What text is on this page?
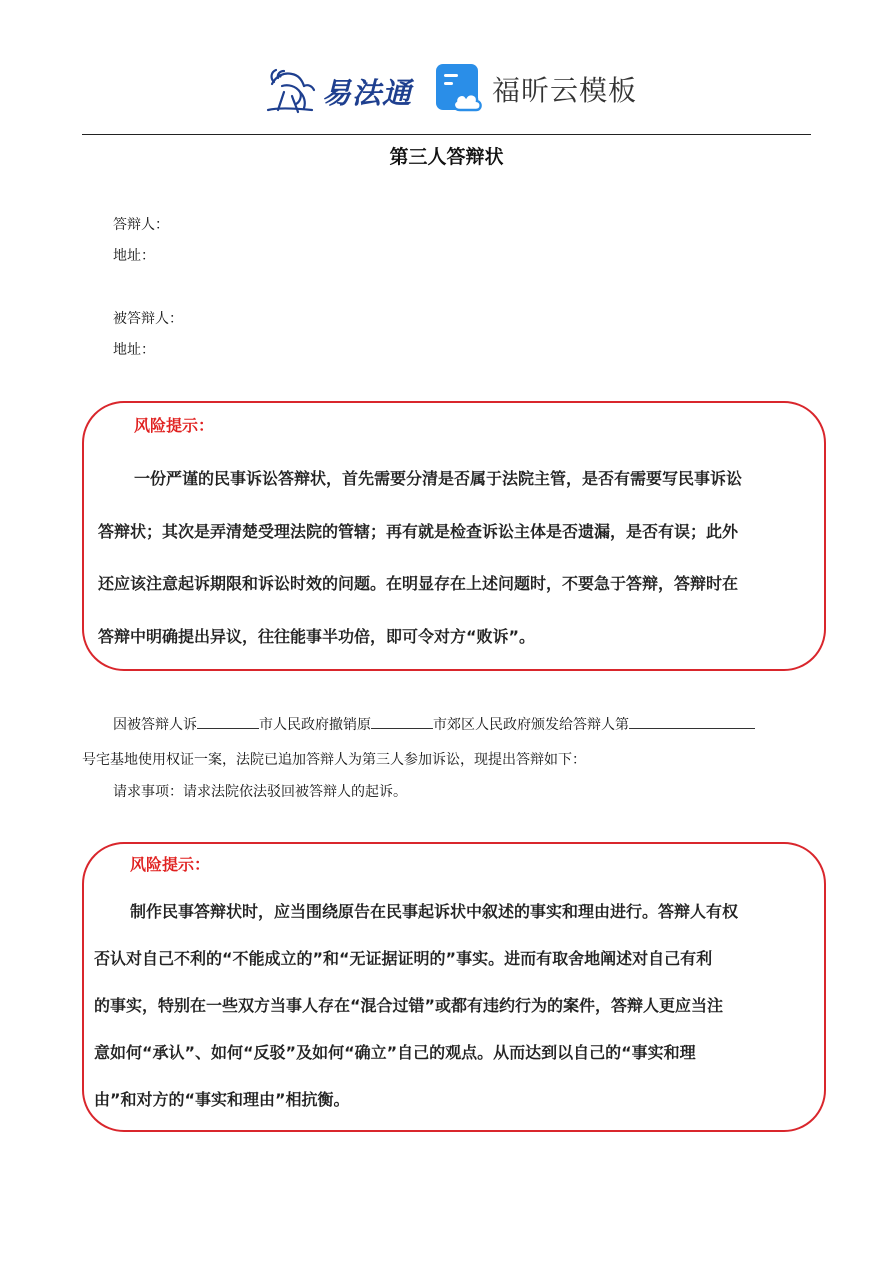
易法通	福昕云模板
第三人答辩状
答辩人：
地址：
被答辩人：
地址：
风险提示：
一份严谨的民事诉讼答辩状，首先需要分清是否属于法院主管，是否有需要写民事诉讼
答辩状；其次是弄清楚受理法院的管辖；再有就是检查诉讼主体是否遗漏，是否有误；此外
还应该注意起诉期限和诉讼时效的问题。在明显存在上述问题时，不要急于答辩，答辩时在
答辩中明确提出异议，往往能事半功倍，即可令对方“败诉”。
因被答辩人诉	市人民政府撤销原	市郊区人民政府颁发给答辩人第
号宅基地使用权证一案，法院已追加答辩人为第三人参加诉讼，现提出答辩如下：
请求事项：请求法院依法驳回被答辩人的起诉。
风险提示：
制作民事答辩状时，应当围绕原告在民事起诉状中叙述的事实和理由进行。答辩人有权
否认对自己不利的“不能成立的”和“无证据证明的”事实。进而有取舍地阐述对自己有利
的事实，特别在一些双方当事人存在“混合过错”或都有违约行为的案件，答辩人更应当注
意如何“承认”、如何“反驳”及如何“确立”自己的观点。从而达到以自己的“事实和理
由”和对方的“事实和理由”相抗衡。
